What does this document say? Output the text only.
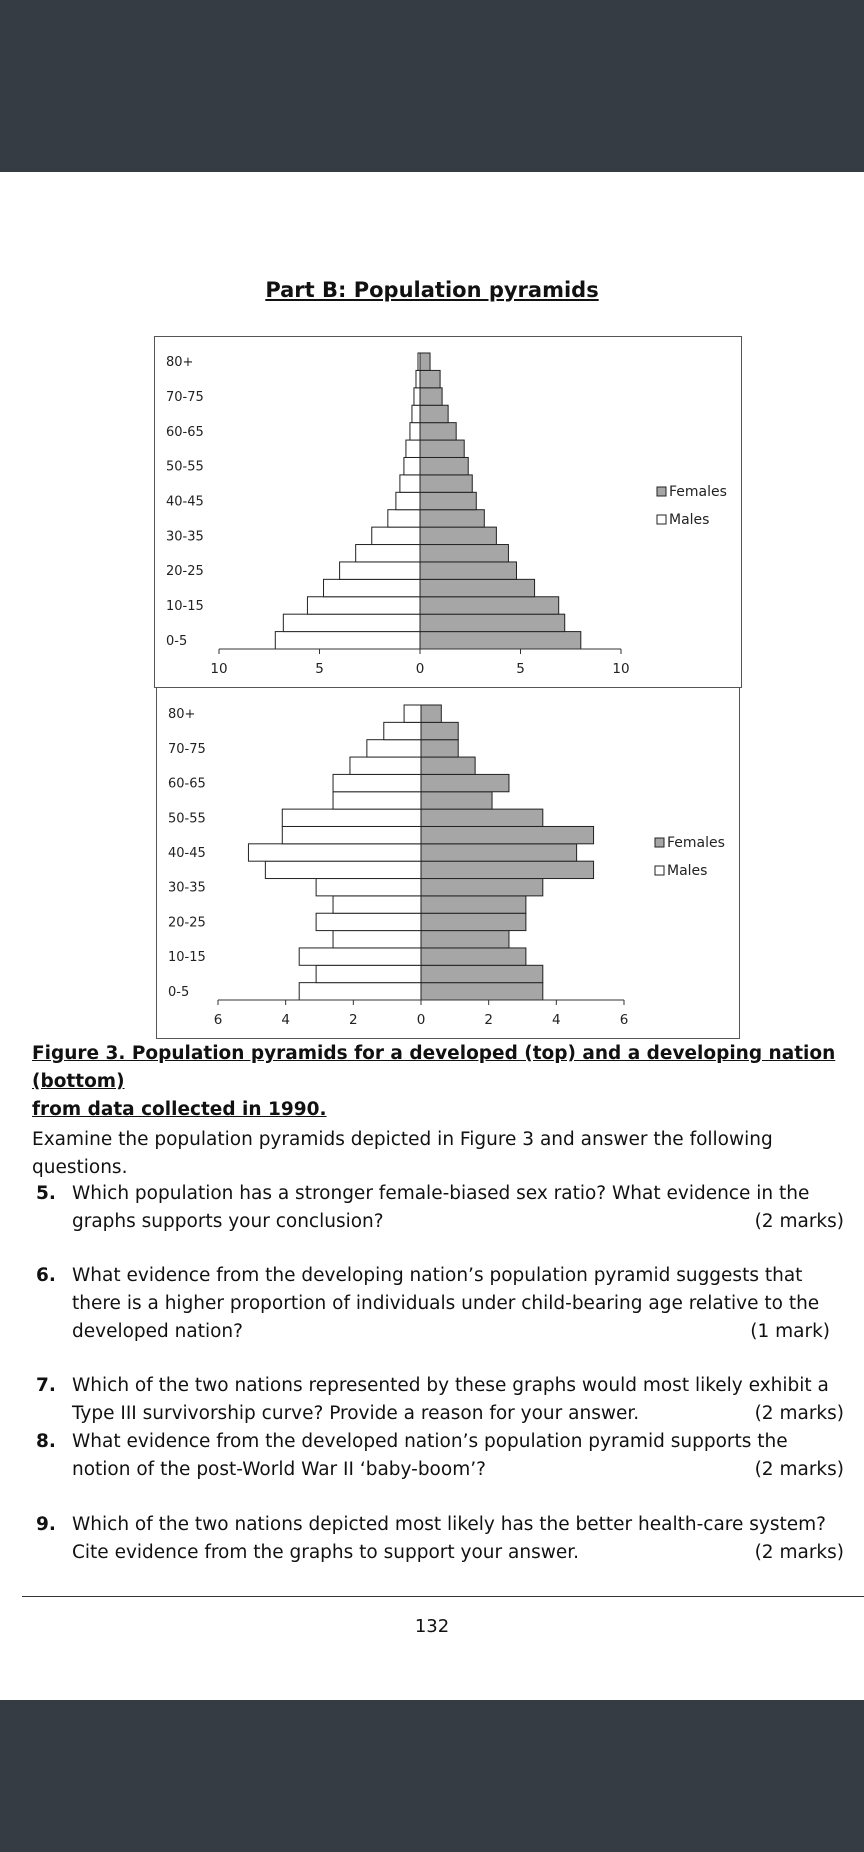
Part B: Population pyramids
0-5
10-15
20-25
30-35
40-45
50-55
60-65
70-75
80+
10	5	0	5	10
Females
Males
0-5
10-15
20-25
30-35
40-45
50-55
60-65
70-75
80+
6	4	2	0	2	4	6
Females
Males
Figure 3. Population pyramids for a developed (top) and a developing nation (bottom)
from data collected in 1990.
Examine the population pyramids depicted in Figure 3 and answer the following questions.
5. Which population has a stronger female-biased sex ratio? What evidence in the graphs supports your conclusion?	(2 marks)
6. What evidence from the developing nation’s population pyramid suggests that there is a higher proportion of individuals under child-bearing age relative to the developed nation?	(1 mark)
7. Which of the two nations represented by these graphs would most likely exhibit a Type III survivorship curve? Provide a reason for your answer.	(2 marks)
8. What evidence from the developed nation’s population pyramid supports the notion of the post-World War II ‘baby-boom’?	(2 marks)
9. Which of the two nations depicted most likely has the better health-care system? Cite evidence from the graphs to support your answer.	(2 marks)
132
